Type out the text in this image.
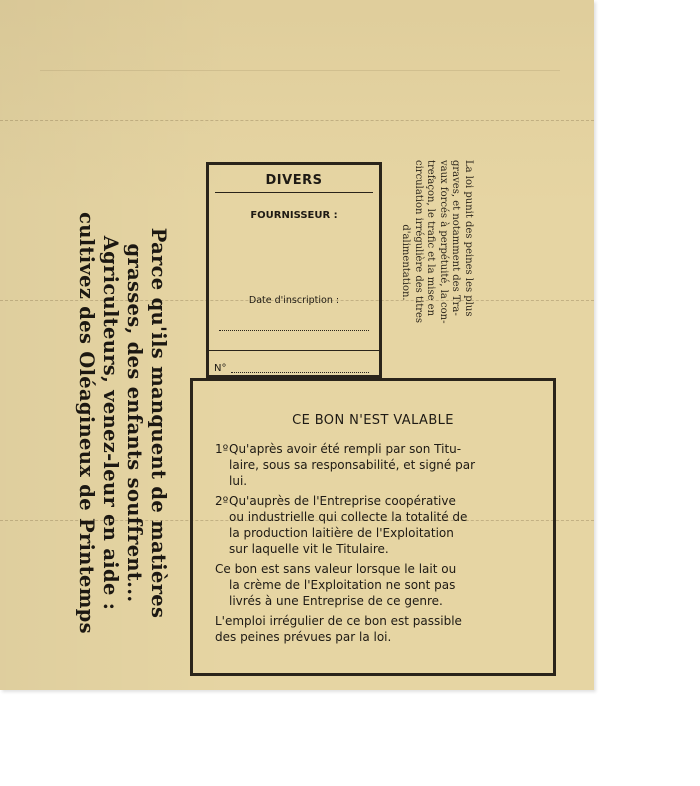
Parce qu'ils manquent de matières
grasses, des enfants souffrent...
Agriculteurs, venez-leur en aide :
cultivez des Oléagineux de Printemps	La loi punit des peines les plus
graves, et notamment des Tra-
vaux forcés à perpétuité, la con-
trefaçon, le trafic et la mise en
circulation irrégulière des titres
d'alimentation.
DIVERS
FOURNISSEUR :
Date d'inscription :
N°
CE BON N'EST VALABLE

1º Qu'après avoir été rempli par son Titu-
laire, sous sa responsabilité, et signé par
lui.

2º Qu'auprès de l'Entreprise coopérative
ou industrielle qui collecte la totalité de
la production laitière de l'Exploitation
sur laquelle vit le Titulaire.

Ce bon est sans valeur lorsque le lait ou
la crème de l'Exploitation ne sont pas
livrés à une Entreprise de ce genre.

L'emploi irrégulier de ce bon est passible
des peines prévues par la loi.
